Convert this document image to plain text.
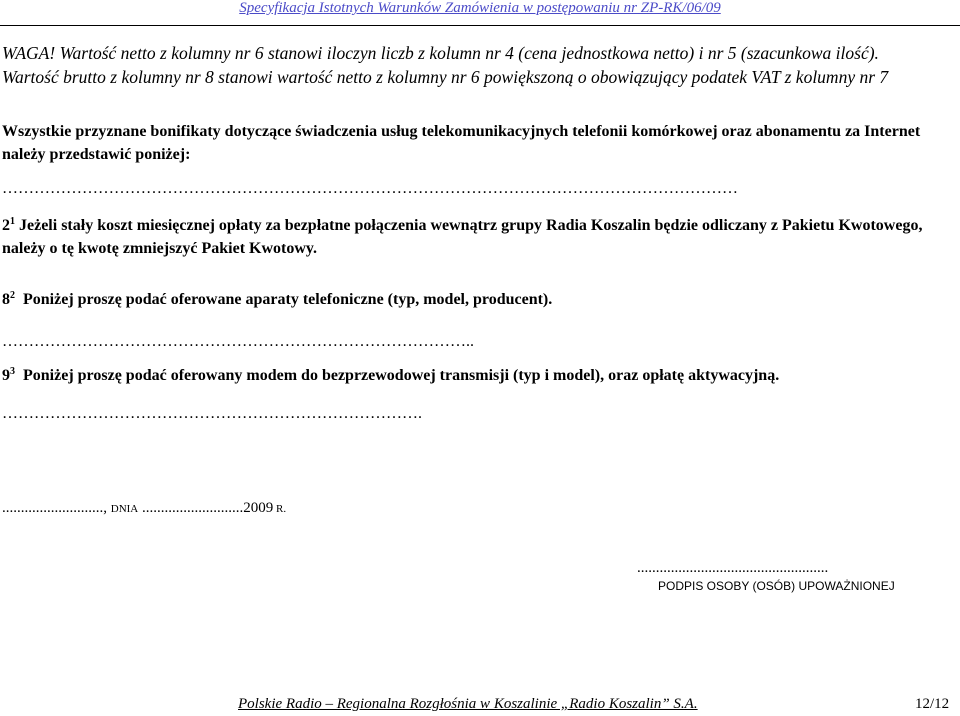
Specyfikacja Istotnych Warunków Zamówienia w postępowaniu nr ZP-RK/06/09
WAGA! Wartość netto z kolumny nr 6 stanowi iloczyn liczb z kolumn nr 4 (cena jednostkowa netto) i nr 5 (szacunkowa ilość).
Wartość brutto z kolumny nr 8 stanowi wartość netto z kolumny nr 6 powiększoną o obowiązujący podatek VAT z kolumny nr 7
Wszystkie przyznane bonifikaty dotyczące świadczenia usług telekomunikacyjnych telefonii komórkowej oraz abonamentu za Internet
należy przedstawić poniżej:
…………………………………………………………………………………………………………………………
$2^1$ Jeżeli stały koszt miesięcznej opłaty za bezpłatne połączenia wewnątrz grupy Radia Koszalin będzie odliczany z Pakietu Kwotowego,
należy o tę kwotę zmniejszyć Pakiet Kwotowy.
$8^2$ Poniżej proszę podać oferowane aparaty telefoniczne (typ, model, producent).
……………………………………………………………………………..
$9^3$ Poniżej proszę podać oferowany modem do bezprzewodowej transmisji (typ i model), oraz opłatę aktywacyjną.
…………………………………………………………………….
..........................., DNIA ...........................2009 R.
...................................................
PODPIS OSOBY (OSÓB) UPOWAŻNIONEJ
Polskie Radio – Regionalna Rozgłośnia w Koszalinie „Radio Koszalin” S.A.	12/12
